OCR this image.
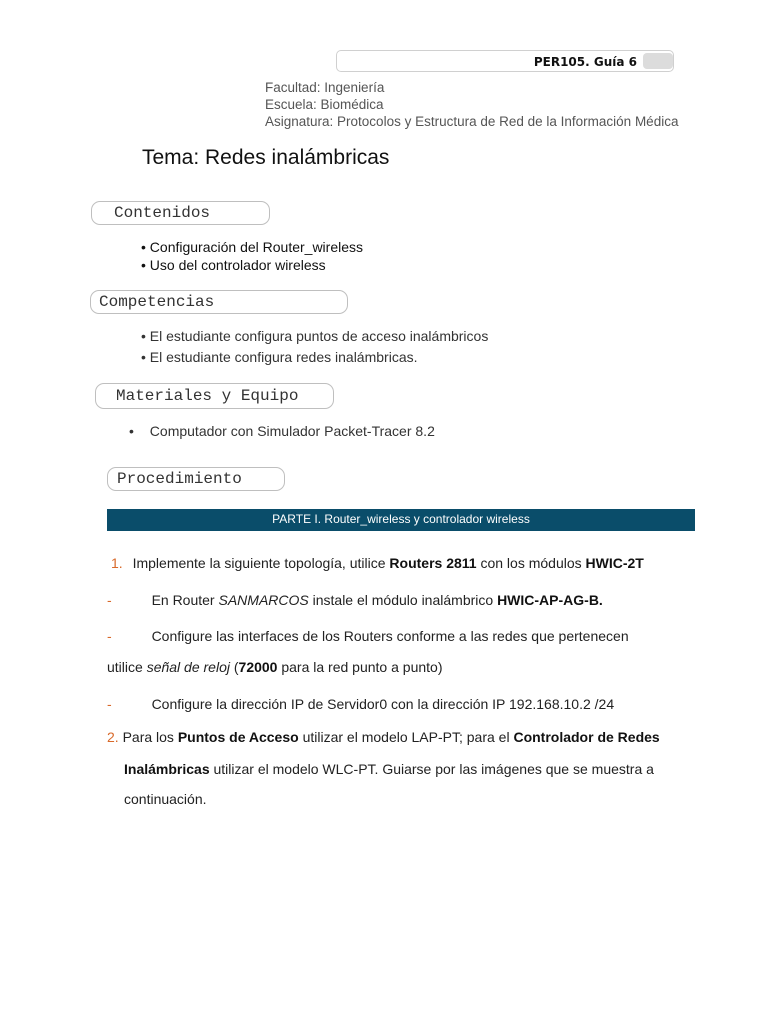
PER105. Guía 6
Facultad: Ingeniería
Escuela: Biomédica
Asignatura: Protocolos y Estructura de Red de la Información Médica
Tema: Redes inalámbricas
Contenidos
• Configuración del Router_wireless
• Uso del controlador wireless
Competencias
• El estudiante configura puntos de acceso inalámbricos
• El estudiante configura redes inalámbricas.
Materiales y Equipo
• Computador con Simulador Packet-Tracer 8.2
Procedimiento
PARTE I. Router_wireless y controlador wireless
1. Implemente la siguiente topología, utilice Routers 2811 con los módulos HWIC-2T
-	En Router SANMARCOS instale el módulo inalámbrico HWIC-AP-AG-B.
-	Configure las interfaces de los Routers conforme a las redes que pertenecen
utilice señal de reloj (72000 para la red punto a punto)
-	Configure la dirección IP de Servidor0 con la dirección IP 192.168.10.2 /24
2. Para los Puntos de Acceso utilizar el modelo LAP-PT; para el Controlador de Redes
Inalámbricas utilizar el modelo WLC-PT. Guiarse por las imágenes que se muestra a
continuación.
